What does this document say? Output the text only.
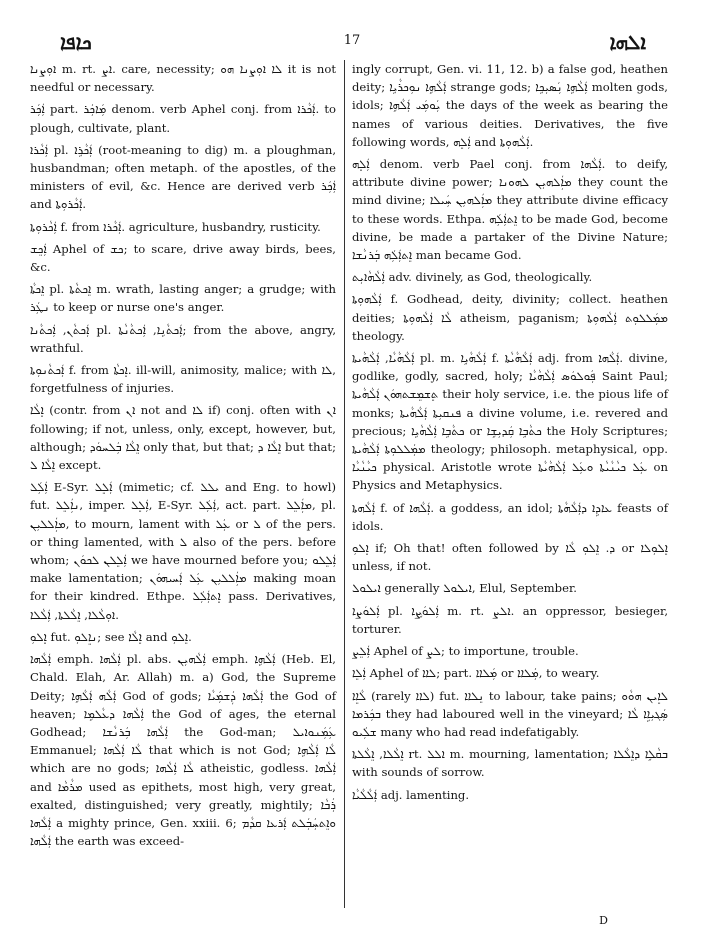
ܟܐܦܐ	17	ܐܠܗܐ

ܐܘܼܨܢܐ m. rt. ܐܨ. care, necessity; ܠܐ ܐܘܼܨܢܐ ܗܘ it is not needful or necessary.

ܐܲܟܲܪ part. ܡܲܐܟܲܪ denom. verb Aphel conj. from ܐܲܟܵܪܐ. to plough, cultivate, plant.

ܐܲܟܵܪܐ pl. ܐܲܟܵܪܹܐ (root-meaning to dig) m. a ploughman, husbandman; often metaph. of the apostles, of the ministers of evil, &c. Hence are derived verb ܐܲܟܲܪ and ܐܲܟܵܪܘܼܬܐ.

ܐܲܟܵܪܘܼܬܐ f. from ܐܲܟܵܪܐ. agriculture, husbandry, rusticity.

ܐܲܟܸܫ Aphel of ܟܫ; to scare, drive away birds, bees, &c.

ܐܸܟܬܵܐ pl. ܐܸܟܬܵܬܐ m. wrath, lasting anger; a grudge; with ܢܛܲܪ to keep or nurse one's anger.

ܐܲܟܬܵܢ, ܐܲܟܬܵܢܐ pl. ܐܲܟܬܵܢܹܐ, ܐܲܟܬܵܢܵܬܐ; from the above, angry, wrathful.

ܐܲܟܬܵܢܘܼܬܐ f. from ܐܸܟܬܵܐ. ill-will, animosity, malice; with ܠܐ, forgetfulness of injuries.

ܐܸܠܵܐ (contr. from ܐܢ not and ܠܐ if) conj. often with ܐܢ following; if not, unless, only, except, however, but, although; ܐܸܠܵܐ ܒܲܠܚܘܿܕ only that, but that; ܐܸܠܵܐ ܕ but that; ܐܸܠܵܐ ܠ except.

ܐܲܠܲܠ E-Syr. ܐܲܠܸܠ (mimetic; cf. ܝܠܠ and Eng. to howl) fut. ܢܐܲܠܸܠ, imper. ܐܲܠܸܠ, E-Syr. ܐܲܠܲܠ, act. part. ܡܐܲܠܸܠ, pl. ܡܐܲܠܠܝܼܢ, to mourn, lament with ܥܲܠ or ܠ of the pers. or thing lamented, with ܠ also of the pers. before whom; ܐܲܠܸܠܢ ܠܟܘܿܢ we have mourned before you; ܐܲܠܸܠܘ make lamentation; ܡܐܲܠܠܝܼܢ ܥܲܠ ܐܲܚܝܗܘܿܢ making moan for their kindred. Ethpe. ܐܸܬܐܲܠܲܠ pass. Derivatives, ܐܘܼܠܵܠܐ, ܐܸܠܵܠܬܐ, ܐܲܠܵܠܐ.

ܐܸܠܘܼ fut. ܢܐܸܠܘܼ; see ܐܸܠܵܐ and ܐܸܠܘܼ.

ܐܲܠܵܗܐ emph. ܐܲܠܵܗܐ pl. abs. ܐܲܠܵܗܝܼܢ emph. ܐܲܠܵܗܹܐ (Heb. El, Chald. Elah, Ar. Allah) m. a) God, the Supreme Deity; ܐܲܠܵܗ ܐܲܠܵܗܹܐ God of gods; ܐܲܠܵܗܐ ܕܲܫܡܲܝܵܐ the God of heaven; ܐܲܠܵܗܐ ܕܥܵܠܡܹܐ the God of ages, the eternal Godhead; ܐܲܠܵܗܐ ܒܲܪܢܵܫܐ the God-man; ܥܲܡܲܢܘܐܝܠ Emmanuel; ܠܵܐ ܐܲܠܵܗܐ that which is not God; ܠܵܐ ܐܲܠܵܗܹܐ which are no gods; ܠܵܐ ܐܲܠܵܗܐ atheistic, godless. ܐܲܠܵܗܐ and ܡܪܵܡܵܐ used as epithets, most high, very great, exalted, distinguished; very greatly, mightily; ܪܲܒܵܐ ܐܲܠܵܗܐ a mighty prince, Gen. xxiii. 6; ܘܐܸܬܚܲܒܲܠܬ ܐܲܪܥܐ ܩܕܵܡ ܐܲܠܵܗܐ the earth was exceed-

ingly corrupt, Gen. vi. 11, 12. b) a false god, heathen deity; ܐܲܠܵܗܹܐ ܢܘܼܟܪܵܝܹܐ strange gods; ܐܲܠܵܗܹܐ ܢܲܣܝܼܟܹܐ molten gods, idols; ܝܲܘܡܲܝ ܐܲܠܵܗܹܐ the days of the week as bearing the names of various deities. Derivatives, the five following words, ܐܲܠܸܗ and ܐܲܠܵܗܘܼܬܐ.

ܐܲܠܸܗ denom. verb Pael conj. from ܐܲܠܵܗܐ. to deify, attribute divine power; ܡܐܲܠܗܝܼܢ ܠܗܘܢܐ they count the mind divine; ܡܐܲܠܗܝܼܢ ܚܲܝܠܐ they attribute divine efficacy to these words. Ethpa. ܐܸܬܐܲܠܲܗ to be made God, become divine, be made a partaker of the Divine Nature; ܐܸܬܐܲܠܲܗ ܒܲܪܢܵܫܐ man became God.

ܐܲܠܵܗܵܐܝܼܬ adv. divinely, as God, theologically.

ܐܲܠܵܗܘܼܬܐ f. Godhead, deity, divinity; collect. heathen deities; ܠܵܐ ܐܲܠܵܗܘܼܬܐ atheism, paganism; ܡܡܲܠܠܘܼܬ ܐܲܠܵܗܘܼܬܐ theology.

ܐܲܠܵܗܵܝܵܐ, ܐܲܠܵܗܵܝܬܐ pl. m. ܐܲܠܵܗܵܝܹܐ f. ܐܲܠܵܗܵܝܵܬܐ adj. from ܐܲܠܵܗܐ. divine, godlike, godly, sacred, holy; ܦܲܘܠܘܿܣ ܐܲܠܵܗܵܝܵܐ Saint Paul; ܬܸܫܡܸܫܬܗܘܿܢ ܐܲܠܵܗܵܝܬܐ their holy service, i.e. the pious life of monks; ܦܢܩܝܼܬܐ ܐܲܠܵܗܵܝܬܐ a divine volume, i.e. revered and precious; ܟܬܵܒܹܐ ܐܲܠܵܗܵܝܹܐ or ܟܬܵܒܹܐ ܩܲܕܝܼܫܹܐ the Holy Scriptures; ܡܡܲܠܠܘܼܬܐ ܐܲܠܵܗܵܝܬܐ theology; philosoph. metaphysical, opp. ܟܝܵܢܵܝܵܐ physical. Aristotle wrote ܥܲܠ ܟܝܵܢܵܝܵܬܐ ܘܥܲܠ ܐܲܠܵܗܵܝܵܬܐ on Physics and Metaphysics.

ܐܲܠܵܗܬܐ f. of ܐܲܠܵܗܐ. a goddess, an idol; ܥܐܕܹܐ ܕܐܲܠܵܗܵܬܐ feasts of idols.

ܐܸܠܘܼ if; Oh that! often followed by ܕ. ܐܸܠܘܼ ܠܵܐ or ܐܸܠܘܼܠܐ unless, if not.

ܐܝܠܘܠ generally ܐܝܠܘܠ, Elul, September.

ܐܲܠܘܿܨܐ pl. ܐܲܠܘܿܨܹܐ m. rt. ܐܠܨ. an oppressor, besieger, torturer.

ܐܲܠܸܨ Aphel of ܠܨ; to importune, trouble.

ܐܲܠܸܐ Aphel of ܠܐܐ; part. ܡܲܠܐܐ or ܡܲܠܐܐ, to weary.

ܠܵܐܸܐ (rarely ܠܐܐ) fut. ܢܸܠܐܐ to labour, take pains; ܠܐܸܝܢ ܗܘܵܘ ܒܟܲܪܡܐ they had laboured well in the vineyard; ܣܲܓܝܼܐܹܐ ܠܵܐ ܫܠܲܝܘ many who had read indefatigably.

ܐܸܠܵܠܐ, ܐܸܠܵܠܬܐ rt. ܐܠܠ m. mourning, lamentation; ܒܩܵܠܹܐ ܕܐܸܠܵܠܐ with sounds of sorrow.

ܐܲܠܵܠܵܝܵܐ adj. lamenting.

D
